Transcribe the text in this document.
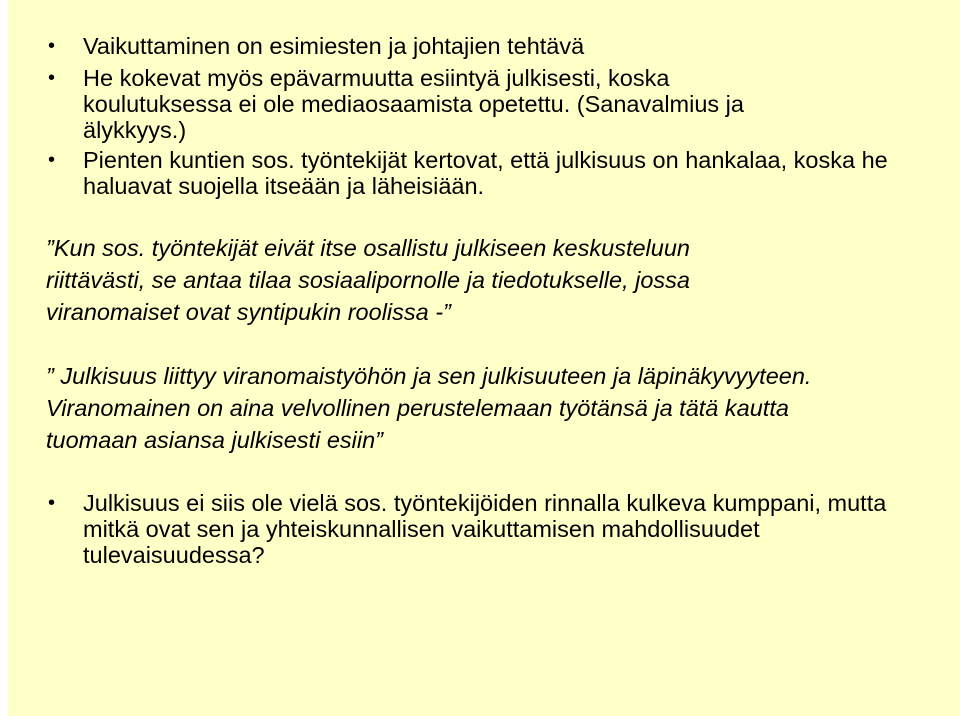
•	Vaikuttaminen on esimiesten ja johtajien tehtävä
•	He kokevat myös epävarmuutta esiintyä julkisesti, koska koulutuksessa ei ole mediaosaamista opetettu. (Sanavalmius ja älykkyys.)
•	Pienten kuntien sos. työntekijät kertovat, että julkisuus on hankalaa, koska he haluavat suojella itseään ja läheisiään.
”Kun sos. työntekijät eivät itse osallistu julkiseen keskusteluun riittävästi, se antaa tilaa sosiaalipornolle ja tiedotukselle, jossa viranomaiset ovat syntipukin roolissa -”
” Julkisuus liittyy viranomaistyöhön ja sen julkisuuteen ja läpinäkyvyyteen. Viranomainen on aina velvollinen perustelemaan työtänsä ja tätä kautta tuomaan asiansa julkisesti esiin”
•	Julkisuus ei siis ole vielä sos. työntekijöiden rinnalla kulkeva kumppani, mutta mitkä ovat sen ja yhteiskunnallisen vaikuttamisen mahdollisuudet tulevaisuudessa?
